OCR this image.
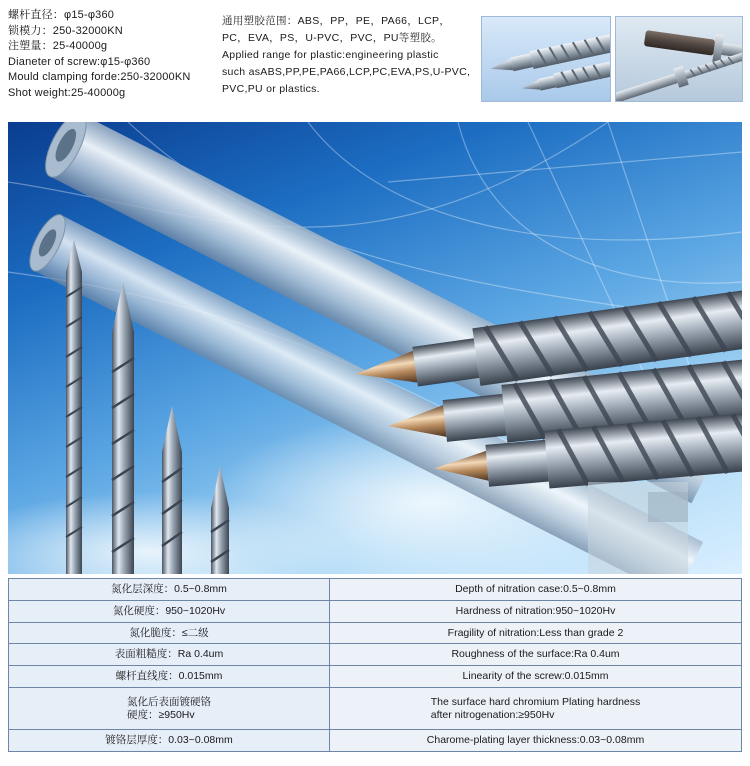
螺杆直径：φ15-φ360
锁模力：250-32000KN
注塑量：25-40000g
Dianeter of screw:φ15-φ360
Mould clamping forde:250-32000KN
Shot weight:25-40000g
通用塑胶范围：ABS，PP，PE，PA66，LCP，
PC，EVA，PS，U-PVC，PVC，PU等塑胶。
Applied range for plastic:engineering plastic
such asABS,PP,PE,PA66,LCP,PC,EVA,PS,U-PVC,
PVC,PU or plastics.
氮化层深度：0.5~0.8mm	Depth of nitration case:0.5~0.8mm
氮化硬度：950~1020Hv	Hardness of nitration:950~1020Hv
氮化脆度：≤二级	Fragility of nitration:Less than grade 2
表面粗糙度：Ra 0.4um	Roughness of the surface:Ra 0.4um
螺杆直线度：0.015mm	Linearity of the screw:0.015mm
氮化后表面镀硬铬
硬度：≥950Hv	The surface hard chromium Plating hardness
after nitrogenation:≥950Hv
镀铬层厚度：0.03~0.08mm	Charome-plating layer thickness:0.03~0.08mm
